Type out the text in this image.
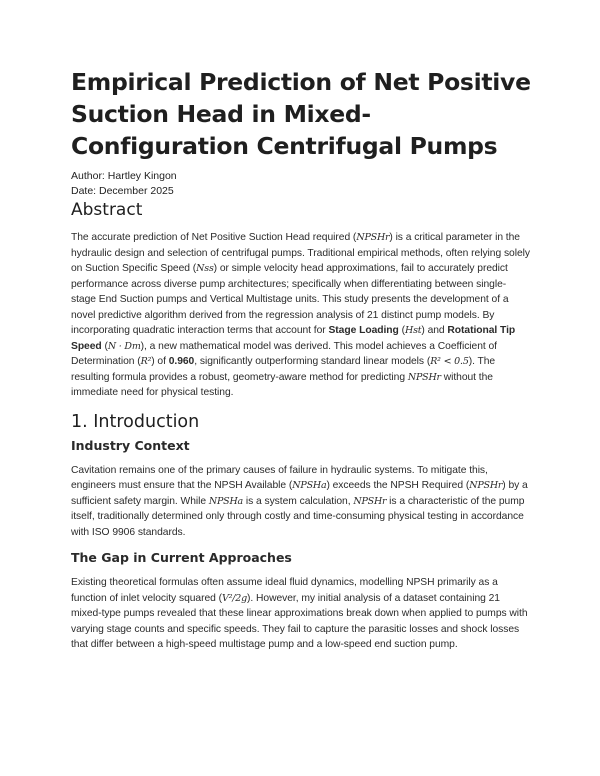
Empirical Prediction of Net Positive Suction Head in Mixed-Configuration Centrifugal Pumps
Author: Hartley Kingon
Date: December 2025
Abstract

The accurate prediction of Net Positive Suction Head required (NPSHr) is a critical parameter in the hydraulic design and selection of centrifugal pumps. Traditional empirical methods, often relying solely on Suction Specific Speed (Nss) or simple velocity head approximations, fail to accurately predict performance across diverse pump architectures; specifically when differentiating between single-stage End Suction pumps and Vertical Multistage units. This study presents the development of a novel predictive algorithm derived from the regression analysis of 21 distinct pump models. By incorporating quadratic interaction terms that account for Stage Loading (Hst) and Rotational Tip Speed (N · Dm), a new mathematical model was derived. This model achieves a Coefficient of Determination (R²) of 0.960, significantly outperforming standard linear models (R² < 0.5). The resulting formula provides a robust, geometry-aware method for predicting NPSHr without the immediate need for physical testing.

1. Introduction
Industry Context

Cavitation remains one of the primary causes of failure in hydraulic systems. To mitigate this, engineers must ensure that the NPSH Available (NPSHa) exceeds the NPSH Required (NPSHr) by a sufficient safety margin. While NPSHa is a system calculation, NPSHr is a characteristic of the pump itself, traditionally determined only through costly and time-consuming physical testing in accordance with ISO 9906 standards.

The Gap in Current Approaches

Existing theoretical formulas often assume ideal fluid dynamics, modelling NPSH primarily as a function of inlet velocity squared (V²/2g). However, my initial analysis of a dataset containing 21 mixed-type pumps revealed that these linear approximations break down when applied to pumps with varying stage counts and specific speeds. They fail to capture the parasitic losses and shock losses that differ between a high-speed multistage pump and a low-speed end suction pump.
